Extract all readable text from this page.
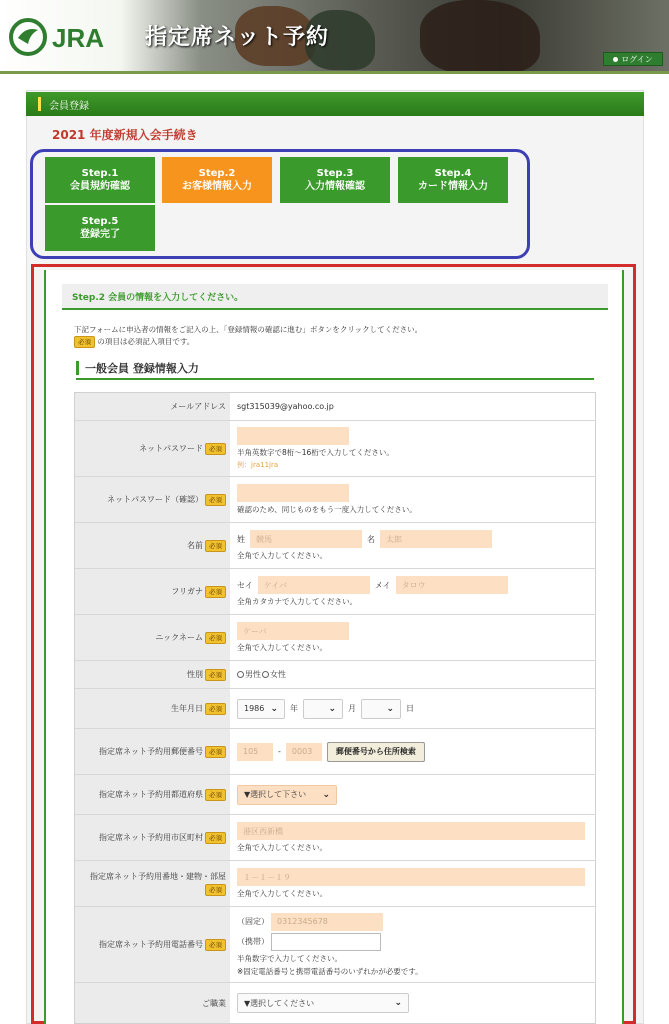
JRA 指定席ネット予約
ログイン
会員登録
2021 年度新規入会手続き
Step.1
会員規約確認
Step.2
お客様情報入力
Step.3
入力情報確認
Step.4
カード情報入力
Step.5
登録完了
Step.2 会員の情報を入力してください。
下記フォームに申込者の情報をご記入の上、「登録情報の確認に進む」ボタンをクリックしてください。
必須 の項目は必須記入項目です。
一般会員 登録情報入力
メールアドレス sgt315039@yahoo.co.jp
ネットパスワード 必須	半角英数字で8桁～16桁で入力してください。
例：jra11jra
ネットパスワード（確認） 必須
確認のため、同じものをもう一度入力してください。
名前 必須
姓 競馬	名 太郎
全角で入力してください。
フリガナ 必須
セイ ケイバ	メイ タロウ
全角カタカナで入力してください。
ニックネーム 必須
ケーバ
全角で入力してください。
性別 必須	男性 女性
生年月日 必須	1986 ⌄ 年	⌄ 月	⌄ 日
指定席ネット予約用郵便番号 必須	105 - 0003	郵便番号から住所検索
指定席ネット予約用都道府県 必須	▼選択して下さい ⌄
指定席ネット予約用市区町村 必須
港区西新橋
全角で入力してください。
指定席ネット予約用番地・建物・部屋
必須
１－１－１９
全角で入力してください。
指定席ネット予約用電話番号 必須
（固定） 0312345678
（携帯）
半角数字で入力してください。
※固定電話番号と携帯電話番号のいずれかが必要です。
ご職業 ▼選択してください	⌄
